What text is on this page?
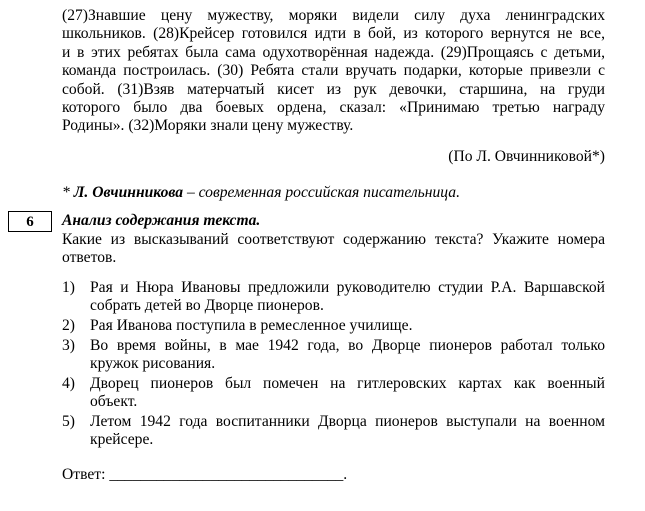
(27)Знавшие цену мужеству, моряки видели силу духа ленинградских
школьников. (28)Крейсер готовился идти в бой, из которого вернутся не все,
и в этих ребятах была сама одухотворённая надежда. (29)Прощаясь с детьми,
команда построилась. (30) Ребята стали вручать подарки, которые привезли с
собой. (31)Взяв матерчатый кисет из рук девочки, старшина, на груди
которого было два боевых ордена, сказал: «Принимаю третью награду
Родины». (32)Моряки знали цену мужеству.
(По Л. Овчинниковой*)
* Л. Овчинникова – современная российская писательница.
6	Анализ содержания текста.
Какие из высказываний соответствуют содержанию текста? Укажите номера
ответов.
1) Рая и Нюра Ивановы предложили руководителю студии Р.А. Варшавской
собрать детей во Дворце пионеров.
2) Рая Иванова поступила в ремесленное училище.
3) Во время войны, в мае 1942 года, во Дворце пионеров работал только
кружок рисования.
4) Дворец пионеров был помечен на гитлеровских картах как военный
объект.
5) Летом 1942 года воспитанники Дворца пионеров выступали на военном
крейсере.
Ответ: ______________________________.
